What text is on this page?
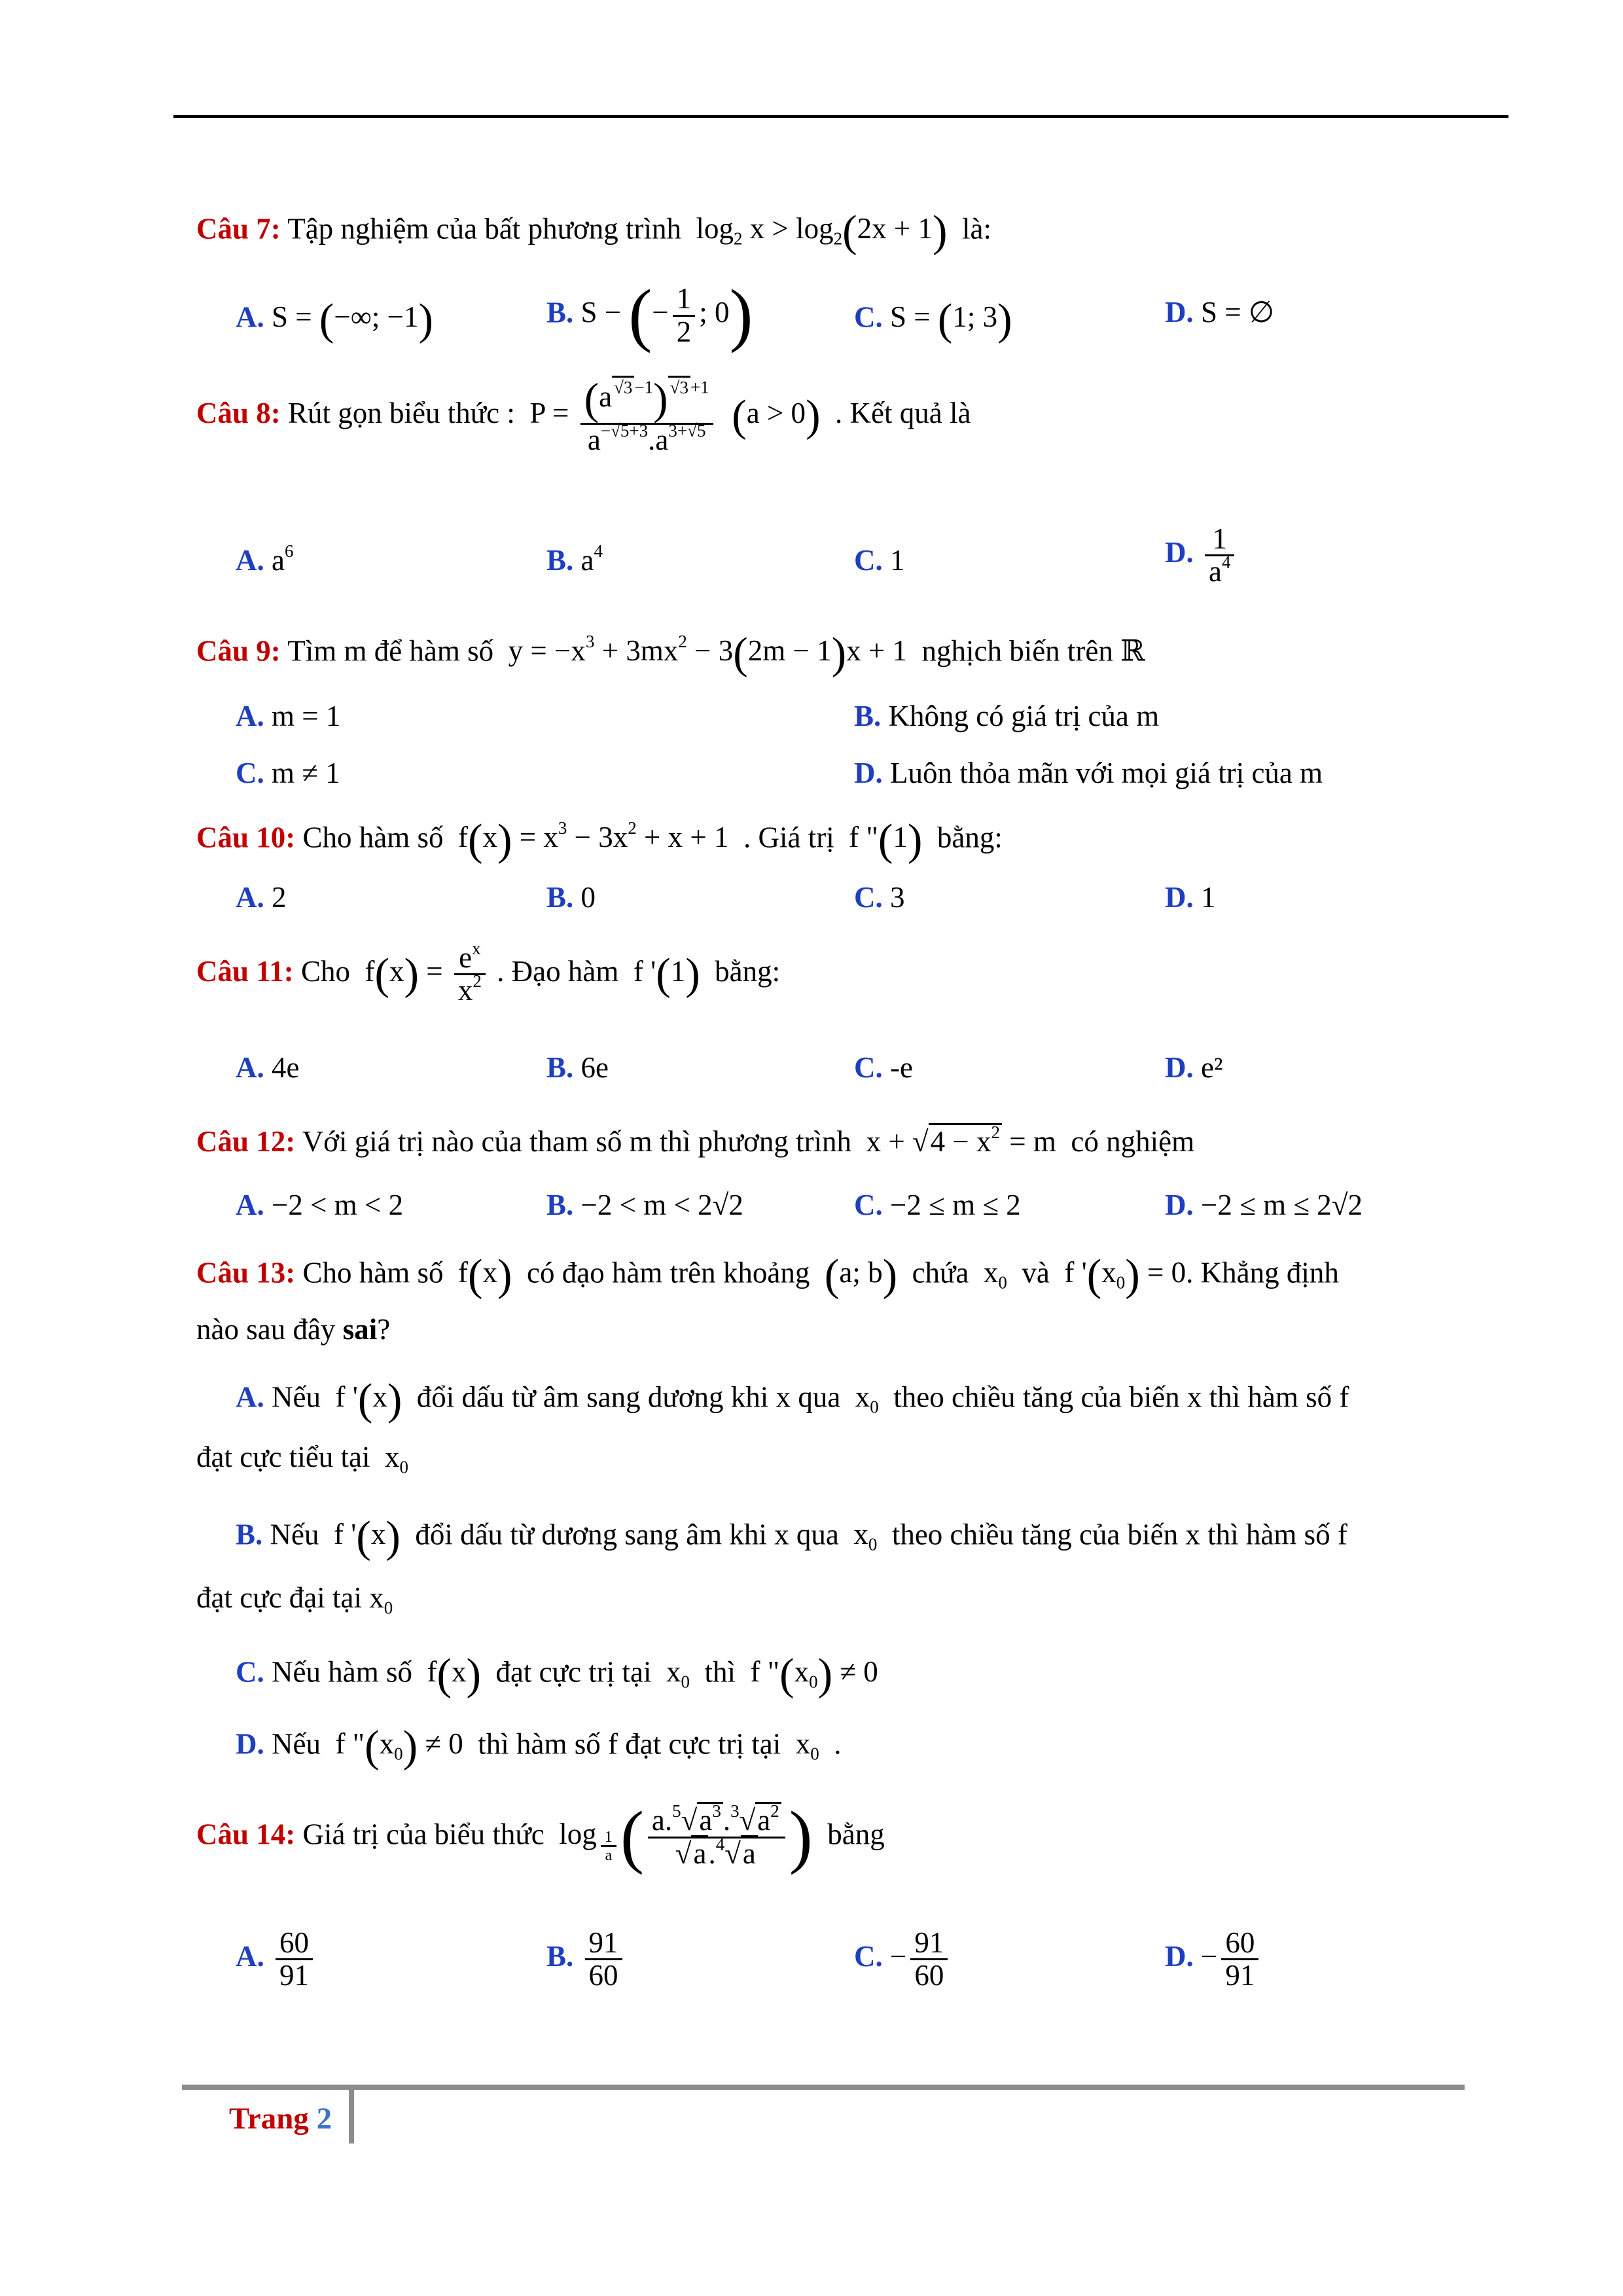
Câu 7: Tập nghiệm của bất phương trình  $\log_2 x > \log_2(2x + 1)$ là:
A. S = (−∞; −1)	B. S − (− $\frac{1}{2}$ ; 0)	C. S = (1; 3)	D. S = ∅
Câu 8: Rút gọn biểu thức :  $P = \frac{(a ^{√3 -1}) ^{√3 +1}}{a^{-√5+3}.a^{3+√5}} (a > 0)$ . Kết quả là
A. $a^6$	B. $a^4$	C. 1	D. $\frac{1}{a^4}$
Câu 9: Tìm m để hàm số  $y = -x^3 + 3mx^2 - 3(2m - 1)x + 1$  nghịch biến trên ℝ
A. m = 1	B. Không có giá trị của m
C. m ≠ 1	D. Luôn thỏa mãn với mọi giá trị của m
Câu 10: Cho hàm số  $f(x) = x^3 - 3x^2 + x + 1$  . Giá trị  f "(1) bằng:
A. 2	B. 0	C. 3	D. 1
Câu 11: Cho  $f(x) = \frac{e^x}{x^2}$ . Đạo hàm  f '(1) bằng:
A. 4e	B. 6e	C. -e	D. e²
Câu 12: Với giá trị nào của tham số m thì phương trình  $x + √4 - x^2 = m$  có nghiệm
A. −2 < m < 2	B. −2 < m < 2√2	C. −2 ≤ m ≤ 2	D. −2 ≤ m ≤ 2√2
Câu 13: Cho hàm số  f(x) có đạo hàm trên khoảng (a; b) chứa  $x_0$ và  f '$(x_0) = 0$. Khẳng định
nào sau đây sai?
A. Nếu  f '(x) đổi dấu từ âm sang dương khi x qua  $x_0$ theo chiều tăng của biến x thì hàm số f
đạt cực tiểu tại  $x_0$
B. Nếu  f '(x) đổi dấu từ dương sang âm khi x qua  $x_0$ theo chiều tăng của biến x thì hàm số f
đạt cực đại tại $x_0$
C. Nếu hàm số  f(x) đạt cực trị tại  $x_0$ thì  f "$(x_0) \ne 0$
D. Nếu  f "$(x_0) \ne 0$  thì hàm số f đạt cực trị tại  $x_0$ .
Câu 14: Giá trị của biểu thức  log $_{\frac{1}{a}}$ ( $\frac{a.^5√a^3.^3√a^2}{√a.^4√a}$ ) bằng
A. $\frac{60}{91}$	B. $\frac{91}{60}$	C. − $\frac{91}{60}$	D. − $\frac{60}{91}$
Trang 2
